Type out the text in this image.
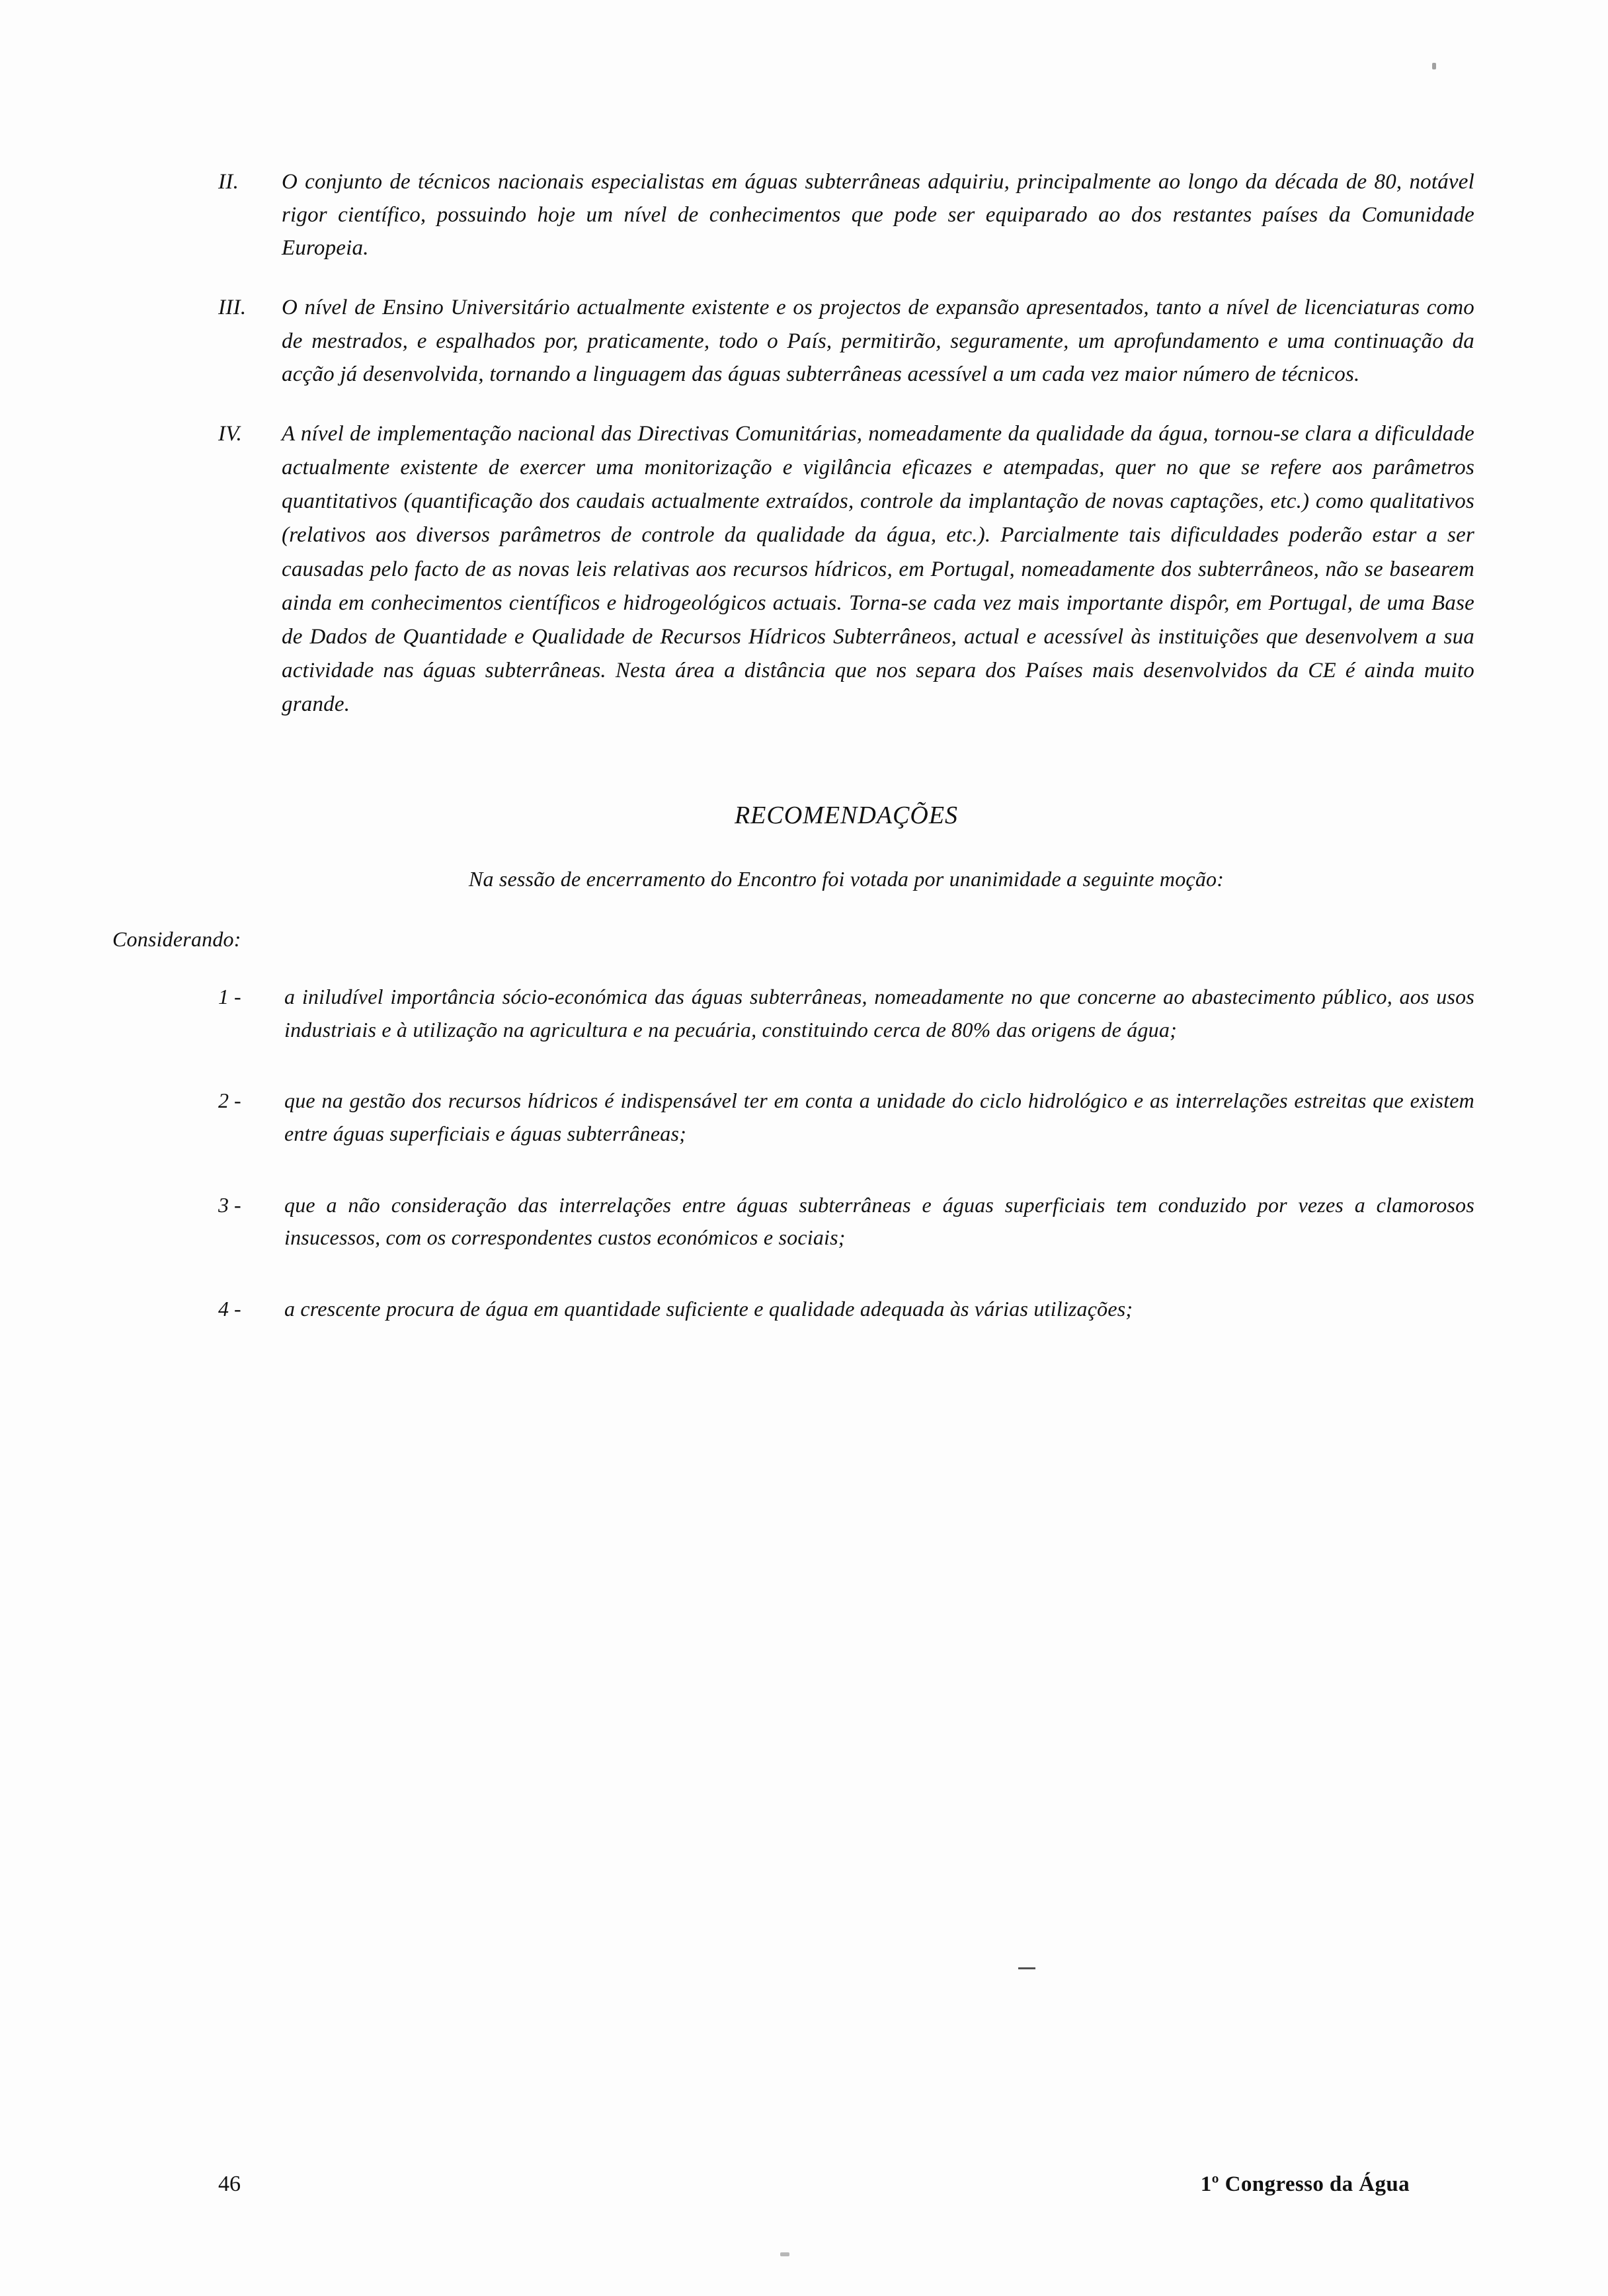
II.	O conjunto de técnicos nacionais especialistas em águas subterrâneas adquiriu, principalmente ao longo da década de 80, notável rigor científico, possuindo hoje um nível de conhecimentos que pode ser equiparado ao dos restantes países da Comunidade Europeia.
III.	O nível de Ensino Universitário actualmente existente e os projectos de expansão apresentados, tanto a nível de licenciaturas como de mestrados, e espalhados por, praticamente, todo o País, permitirão, seguramente, um aprofundamento e uma continuação da acção já desenvolvida, tornando a linguagem das águas subterrâneas acessível a um cada vez maior número de técnicos.
IV.	A nível de implementação nacional das Directivas Comunitárias, nomeadamente da qualidade da água, tornou-se clara a dificuldade actualmente existente de exercer uma monitorização e vigilância eficazes e atempadas, quer no que se refere aos parâmetros quantitativos (quantificação dos caudais actualmente extraídos, controle da implantação de novas captações, etc.) como qualitativos (relativos aos diversos parâmetros de controle da qualidade da água, etc.). Parcialmente tais dificuldades poderão estar a ser causadas pelo facto de as novas leis relativas aos recursos hídricos, em Portugal, nomeadamente dos subterrâneos, não se basearem ainda em conhecimentos científicos e hidrogeológicos actuais. Torna-se cada vez mais importante dispôr, em Portugal, de uma Base de Dados de Quantidade e Qualidade de Recursos Hídricos Subterrâneos, actual e acessível às instituições que desenvolvem a sua actividade nas águas subterrâneas. Nesta área a distância que nos separa dos Países mais desenvolvidos da CE é ainda muito grande.
RECOMENDAÇÕES
Na sessão de encerramento do Encontro foi votada por unanimidade a seguinte moção:
Considerando:
1 -	a iniludível importância sócio-económica das águas subterrâneas, nomeadamente no que concerne ao abastecimento público, aos usos industriais e à utilização na agricultura e na pecuária, constituindo cerca de 80% das origens de água;
2 -	que na gestão dos recursos hídricos é indispensável ter em conta a unidade do ciclo hidrológico e as interrelações estreitas que existem entre águas superficiais e águas subterrâneas;
3 -	que a não consideração das interrelações entre águas subterrâneas e águas superficiais tem conduzido por vezes a clamorosos insucessos, com os correspondentes custos económicos e sociais;
4 -	a crescente procura de água em quantidade suficiente e qualidade adequada às várias utilizações;
46	1º Congresso da Água
